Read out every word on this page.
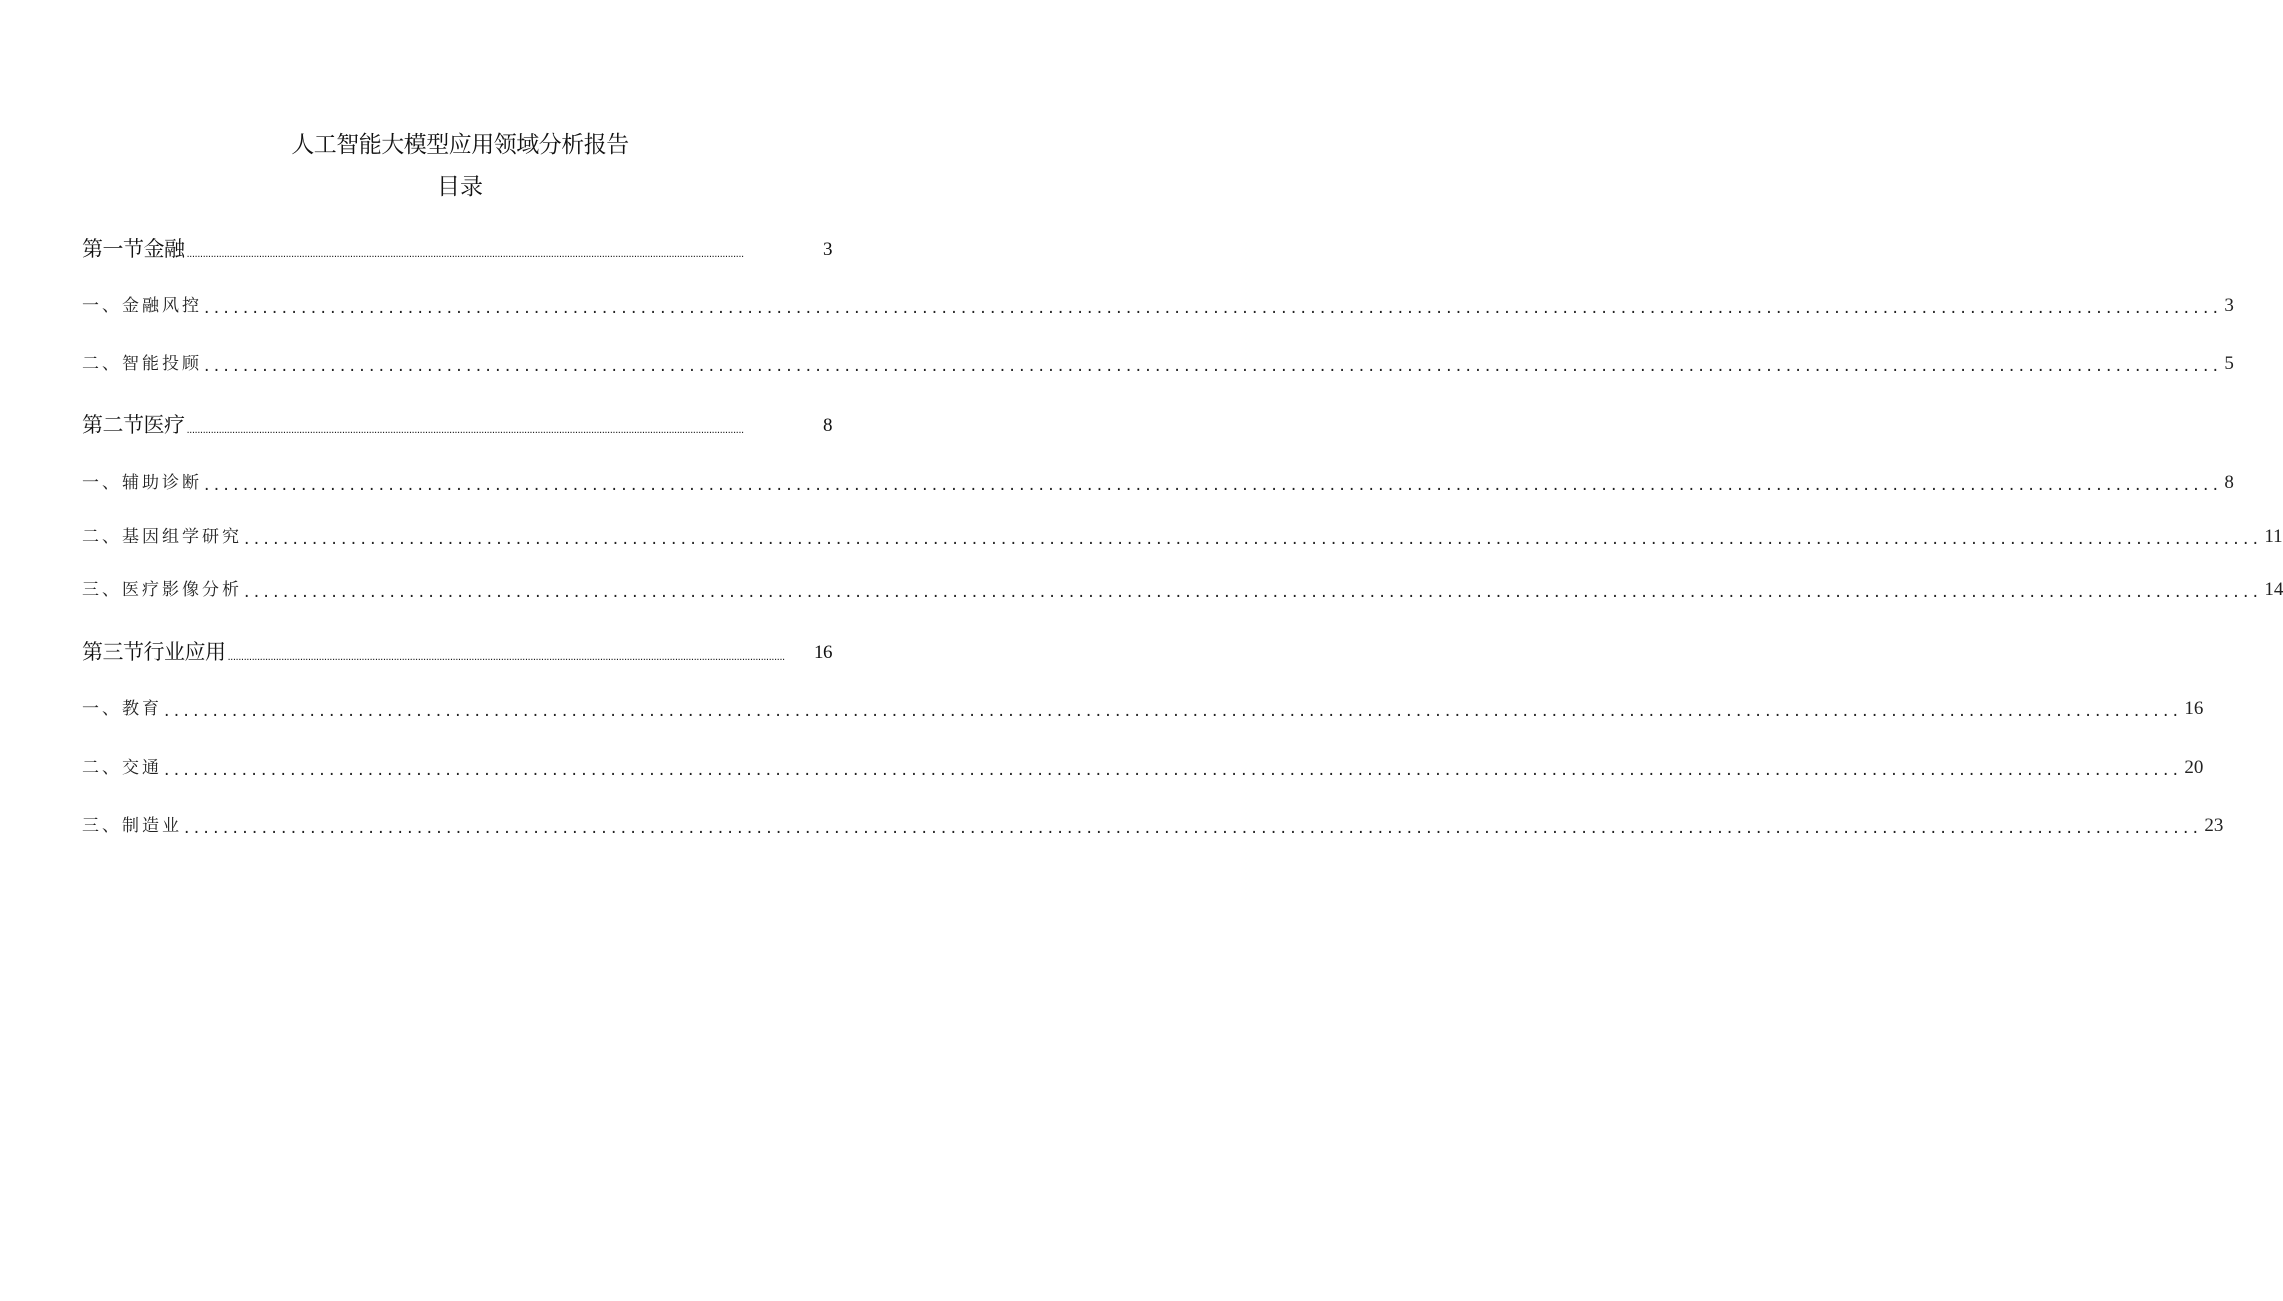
人工智能大模型应用领域分析报告
目录
第一节金融 ................................................................................................................................................................................................................	3
一、金融风控 ................................................................................................................................................................................................................ 3
二、智能投顾 ................................................................................................................................................................................................................ 5
第二节医疗 ................................................................................................................................................................................................................	8
一、辅助诊断 ................................................................................................................................................................................................................ 8
二、基因组学研究 ................................................................................................................................................................................................................ 11
三、医疗影像分析 ................................................................................................................................................................................................................ 14
第三节行业应用 ................................................................................................................................................................................................................	16
一、教育 ................................................................................................................................................................................................................ 16
二、交通 ................................................................................................................................................................................................................ 20
三、制造业 ................................................................................................................................................................................................................ 23
